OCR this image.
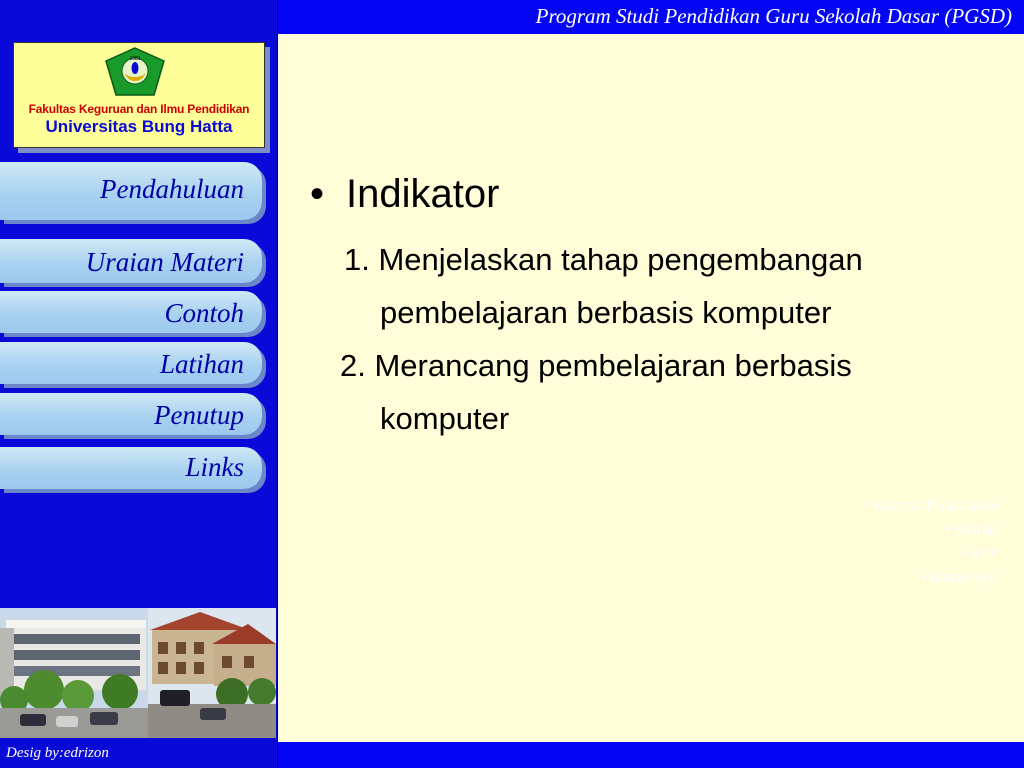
Program Studi Pendidikan Guru Sekolah Dasar (PGSD)
1981
Fakultas Keguruan dan Ilmu Pendidikan
Universitas Bung Hatta
Pendahuluan
Uraian Materi
Contoh
Latihan
Penutup
Links
• Kontrak Perkuliahan
• Silabus
• RPP
• Bahan Ajar
Desig by:edrizon
• Indikator
1. Menjelaskan tahap pengembangan
pembelajaran berbasis komputer
2. Merancang pembelajaran berbasis
komputer
